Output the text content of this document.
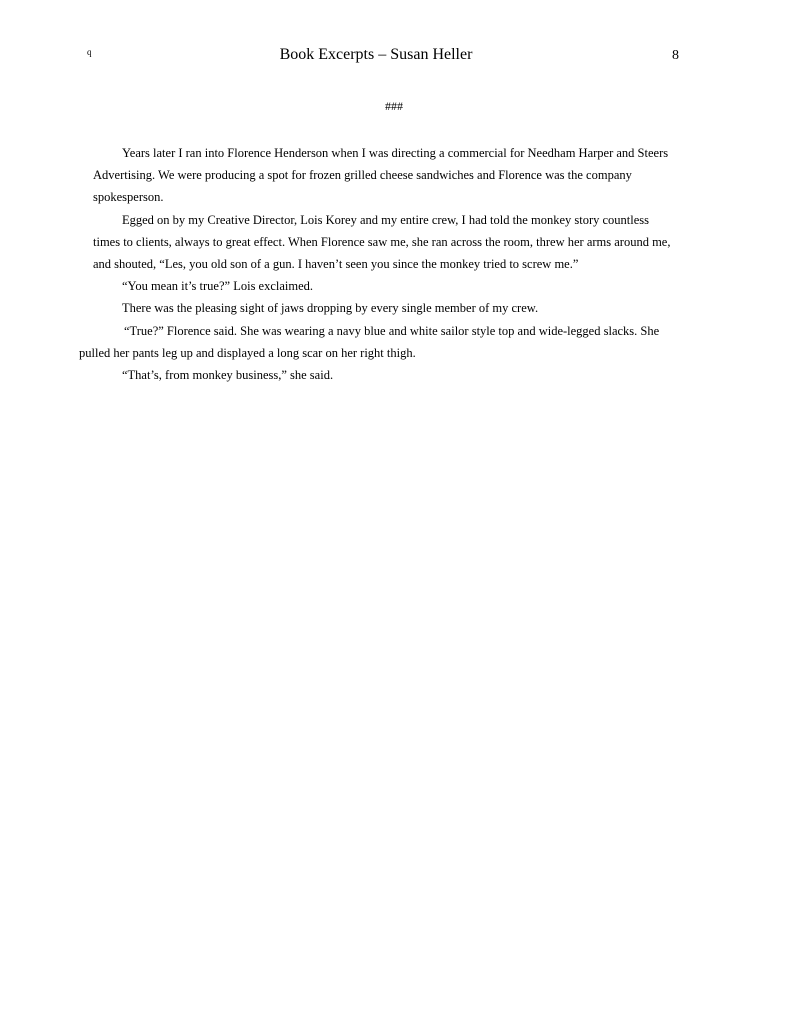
q	Book Excerpts – Susan Heller	8
###

Years later I ran into Florence Henderson when I was directing a commercial for Needham Harper and Steers Advertising. We were producing a spot for frozen grilled cheese sandwiches and Florence was the company spokesperson.

Egged on by my Creative Director, Lois Korey and my entire crew, I had told the monkey story countless times to clients, always to great effect. When Florence saw me, she ran across the room, threw her arms around me, and shouted, “Les, you old son of a gun. I haven’t seen you since the monkey tried to screw me.”

“You mean it’s true?” Lois exclaimed.

There was the pleasing sight of jaws dropping by every single member of my crew.

“True?” Florence said. She was wearing a navy blue and white sailor style top and wide-legged slacks. She pulled her pants leg up and displayed a long scar on her right thigh.

“That’s, from monkey business,” she said.
